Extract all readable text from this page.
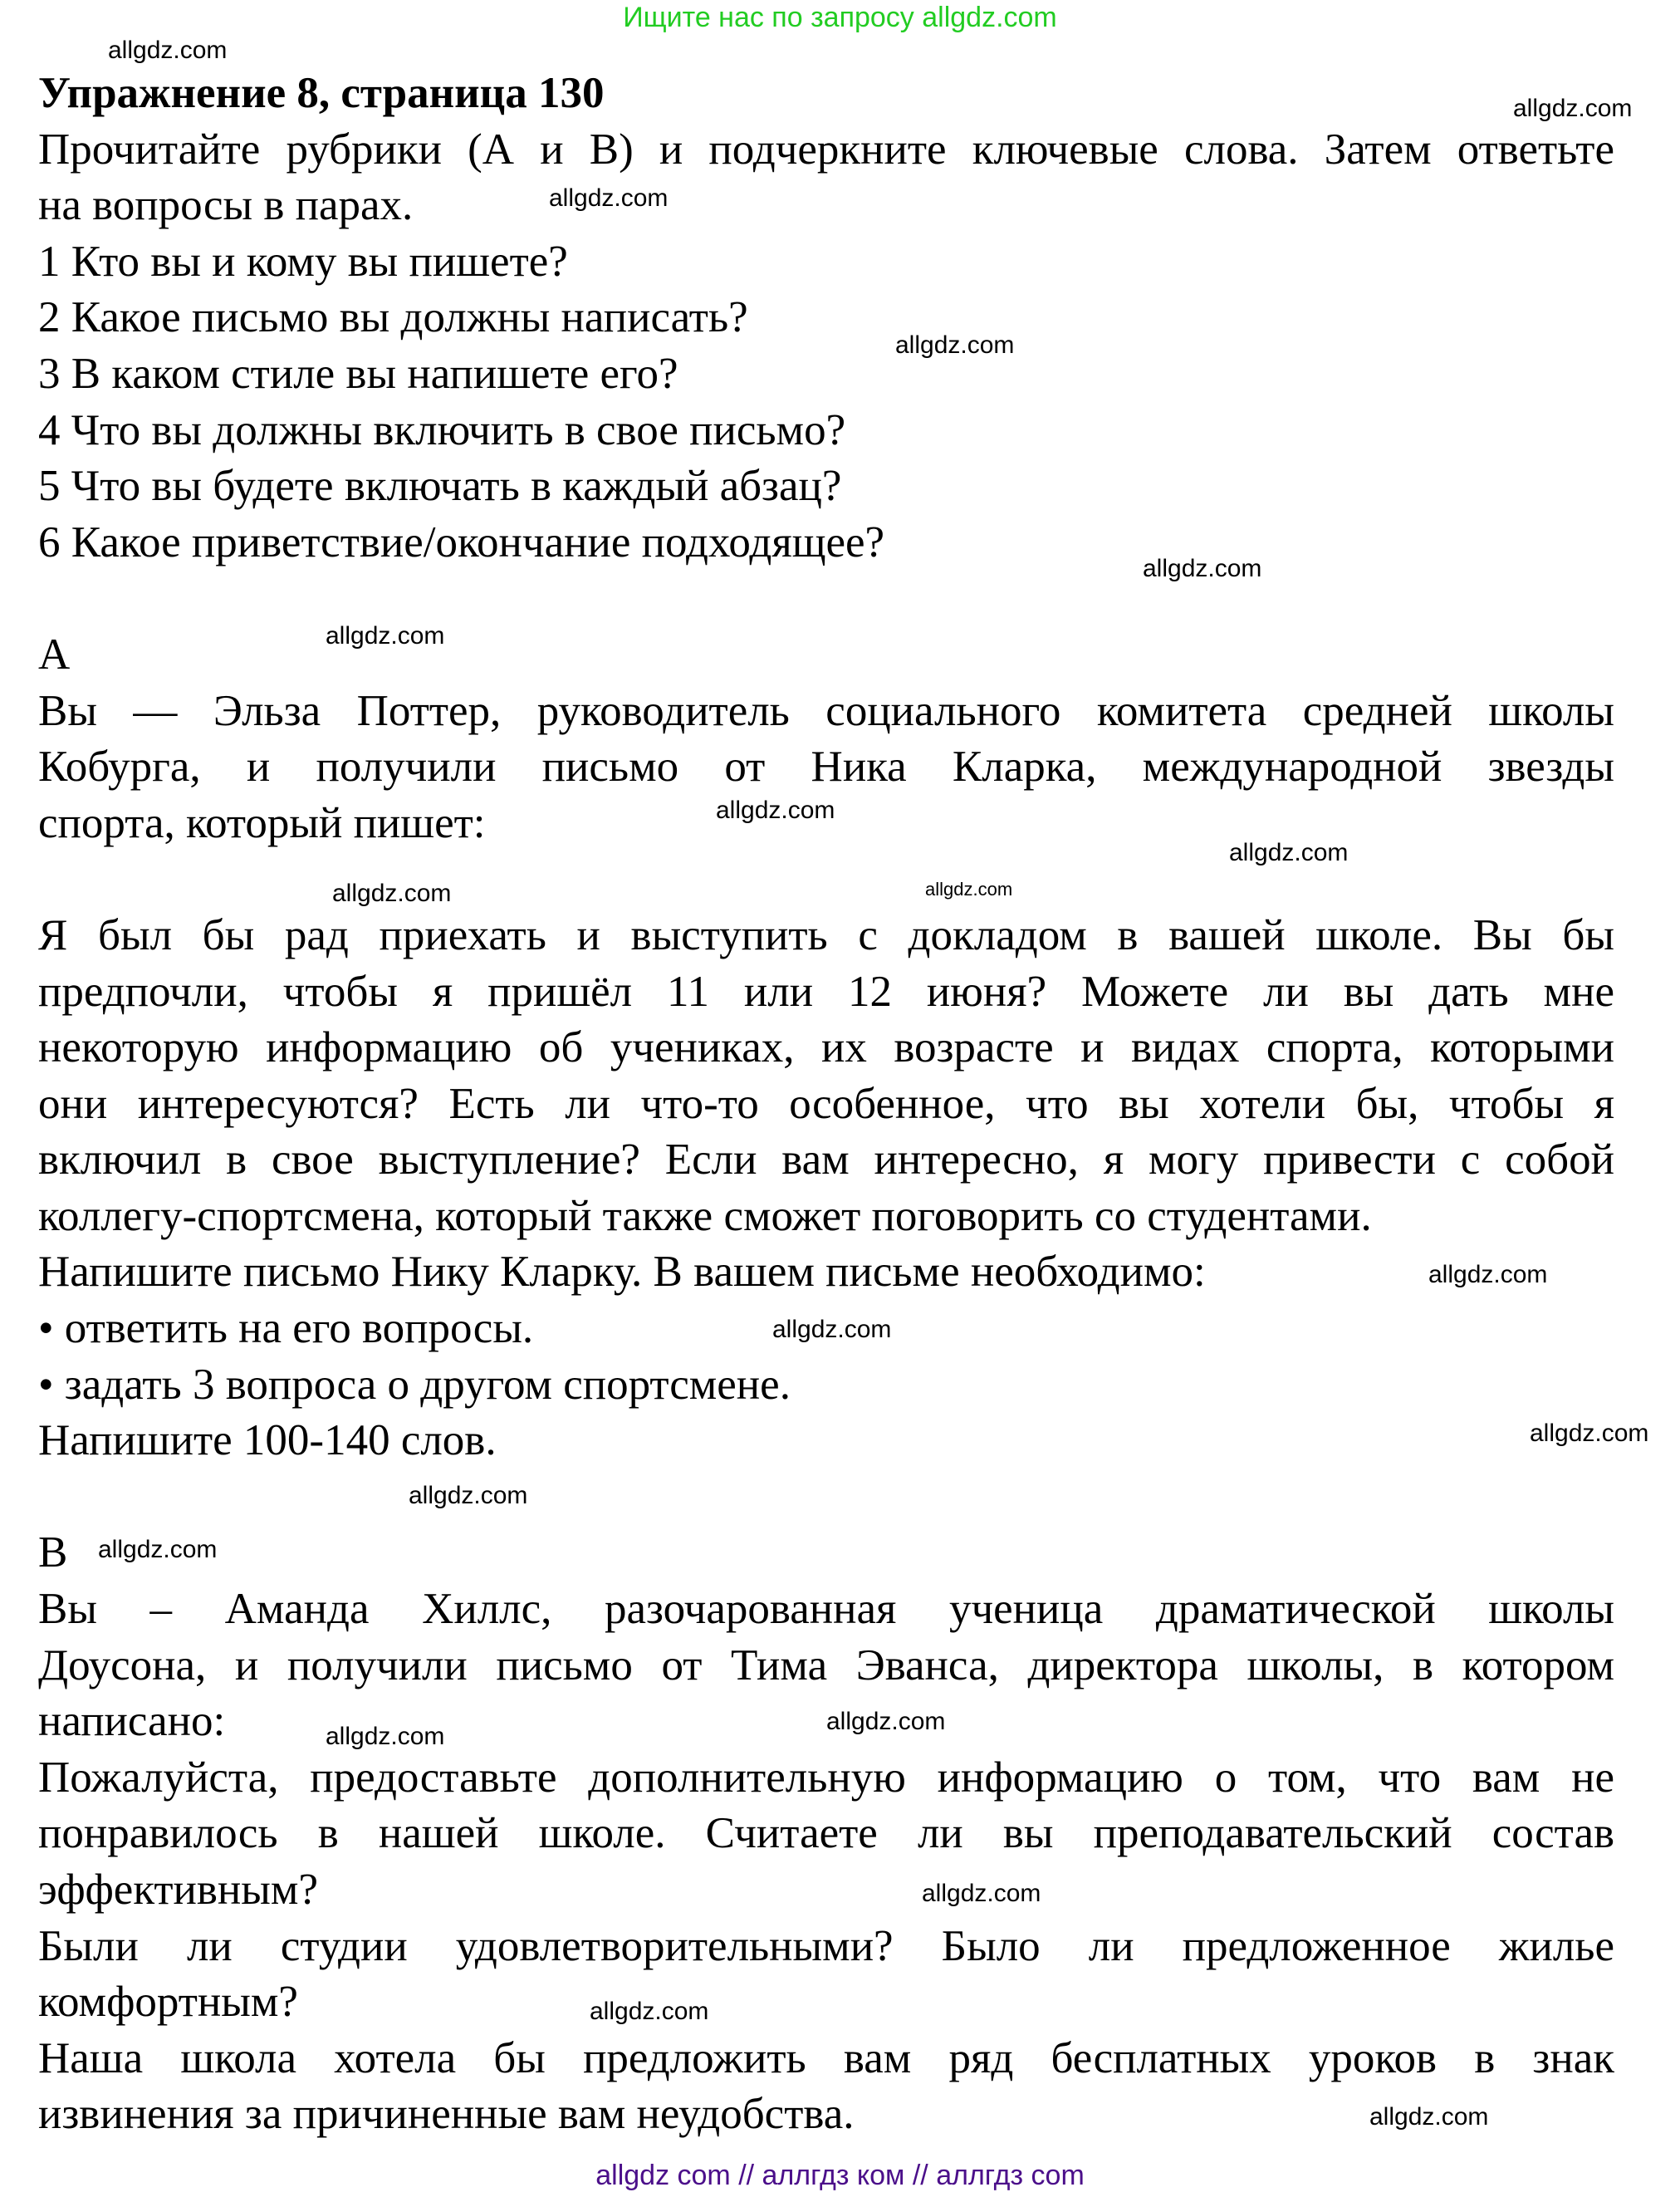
Ищите нас по запросу allgdz.com
Упражнение 8, страница 130
Прочитайте рубрики (А и В) и подчеркните ключевые слова. Затем ответьте
на вопросы в парах.
1 Кто вы и кому вы пишете?
2 Какое письмо вы должны написать?
3 В каком стиле вы напишете его?
4 Что вы должны включить в свое письмо?
5 Что вы будете включать в каждый абзац?
6 Какое приветствие/окончание подходящее?
A
Вы — Эльза Поттер, руководитель социального комитета средней школы
Кобурга, и получили письмо от Ника Кларка, международной звезды
спорта, который пишет:
Я был бы рад приехать и выступить с докладом в вашей школе. Вы бы
предпочли, чтобы я пришёл 11 или 12 июня? Можете ли вы дать мне
некоторую информацию об учениках, их возрасте и видах спорта, которыми
они интересуются? Есть ли что-то особенное, что вы хотели бы, чтобы я
включил в свое выступление? Если вам интересно, я могу привести с собой
коллегу-спортсмена, который также сможет поговорить со студентами.
Напишите письмо Нику Кларку. В вашем письме необходимо:
• ответить на его вопросы.
• задать 3 вопроса о другом спортсмене.
Напишите 100-140 слов.
B
Вы – Аманда Хиллс, разочарованная ученица драматической школы
Доусона, и получили письмо от Тима Эванса, директора школы, в котором
написано:
Пожалуйста, предоставьте дополнительную информацию о том, что вам не
понравилось в нашей школе. Считаете ли вы преподавательский состав
эффективным?
Были ли студии удовлетворительными? Было ли предложенное жилье
комфортным?
Наша школа хотела бы предложить вам ряд бесплатных уроков в знак
извинения за причиненные вам неудобства.
allgdz.com
allgdz.com
allgdz.com
allgdz.com
allgdz.com
allgdz.com
allgdz.com
allgdz.com
allgdz.com	allgdz.com
allgdz.com
allgdz.com
allgdz.com
allgdz.com
allgdz.com
allgdz.com
allgdz.com
allgdz.com
allgdz.com
allgdz.com
allgdz com // аллгдз ком // аллгдз com
